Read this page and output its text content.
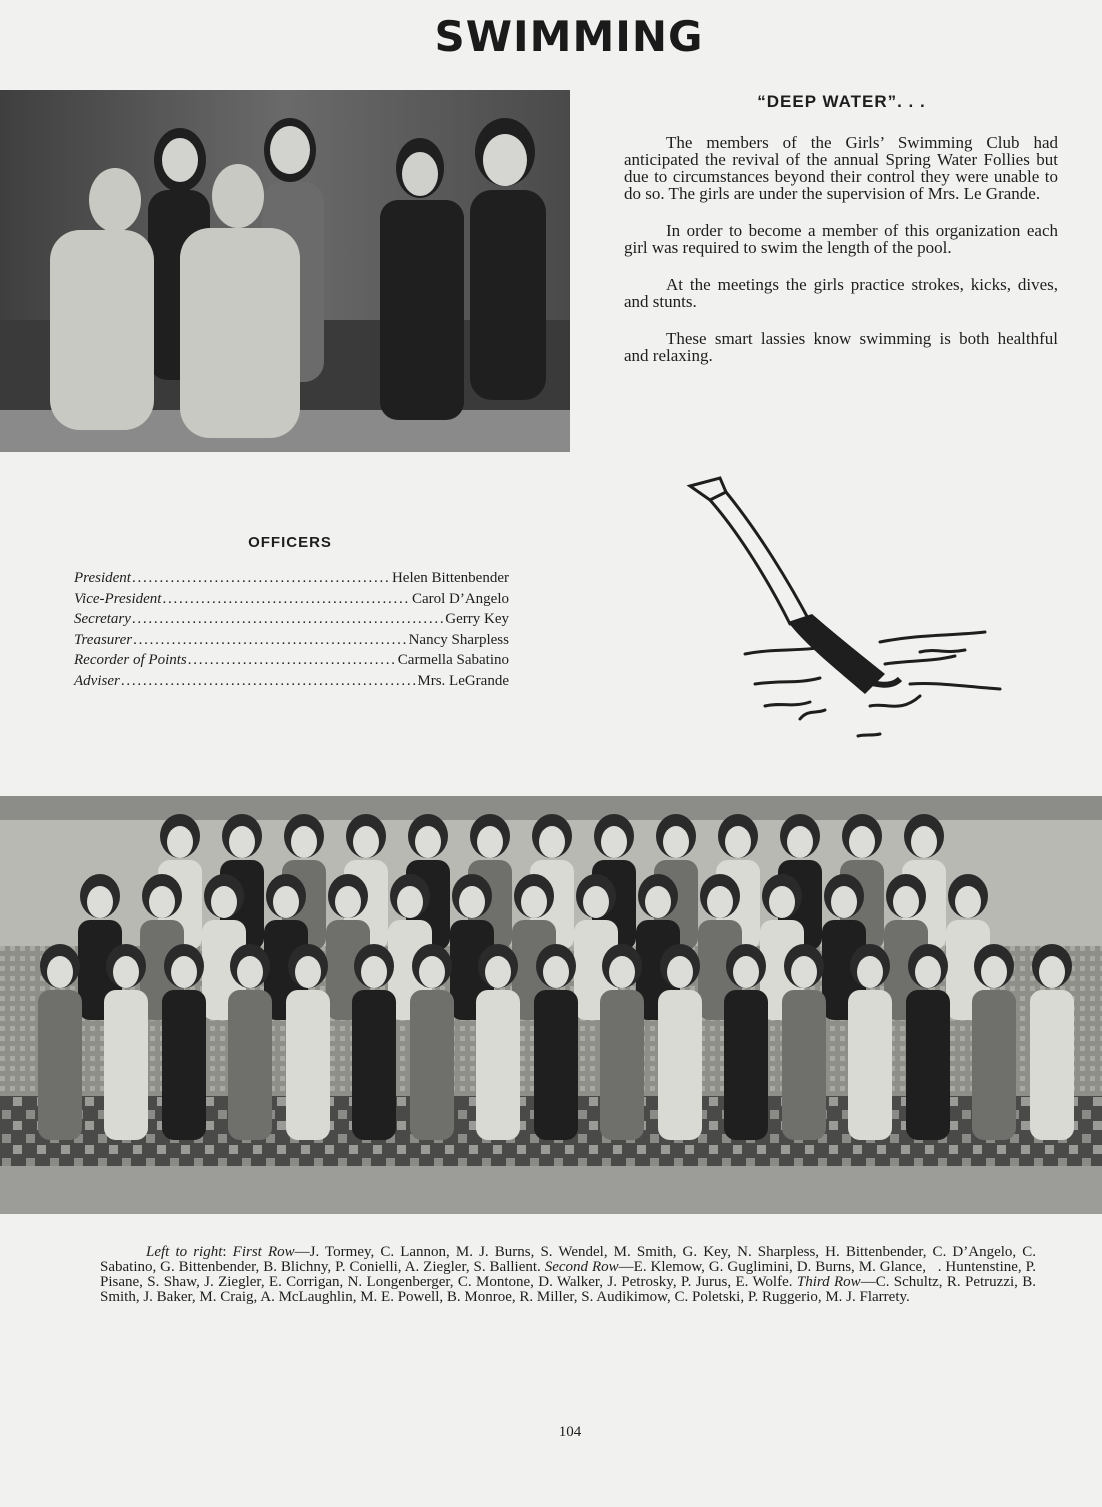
SWIMMING
“DEEP WATER”. . .

The members of the Girls’ Swimming Club had anticipated the revival of the annual Spring Water Follies but due to circumstances beyond their control they were unable to do so. The girls are under the supervision of Mrs. Le Grande.

In order to become a member of this organization each girl was required to swim the length of the pool.

At the meetings the girls practice strokes, kicks, dives, and stunts.

These smart lassies know swimming is both healthful and relaxing.

OFFICERS
President . . .	Helen Bittenbender
Vice-President . . .	Carol D’Angelo
Secretary . . .	Gerry Key
Treasurer . . .	Nancy Sharpless
Recorder of Points . . .	Carmella Sabatino
Adviser . . .	Mrs. LeGrande
Left to right: First Row—J. Tormey, C. Lannon, M. J. Burns, S. Wendel, M. Smith, G. Key, N. Sharpless, H. Bittenbender, C. D’Angelo, C. Sabatino, G. Bittenbender, B. Blichny, P. Conielli, A. Ziegler, S. Ballient. Second Row—E. Klemow, G. Guglimini, D. Burns, M. Glance,   . Huntenstine, P. Pisane, S. Shaw, J. Ziegler, E. Corrigan, N. Longenberger, C. Montone, D. Walker, J. Petrosky, P. Jurus, E. Wolfe. Third Row—C. Schultz, R. Petruzzi, B. Smith, J. Baker, M. Craig, A. McLaughlin, M. E. Powell, B. Monroe, R. Miller, S. Audikimow, C. Poletski, P. Ruggerio, M. J. Flarrety.
104
